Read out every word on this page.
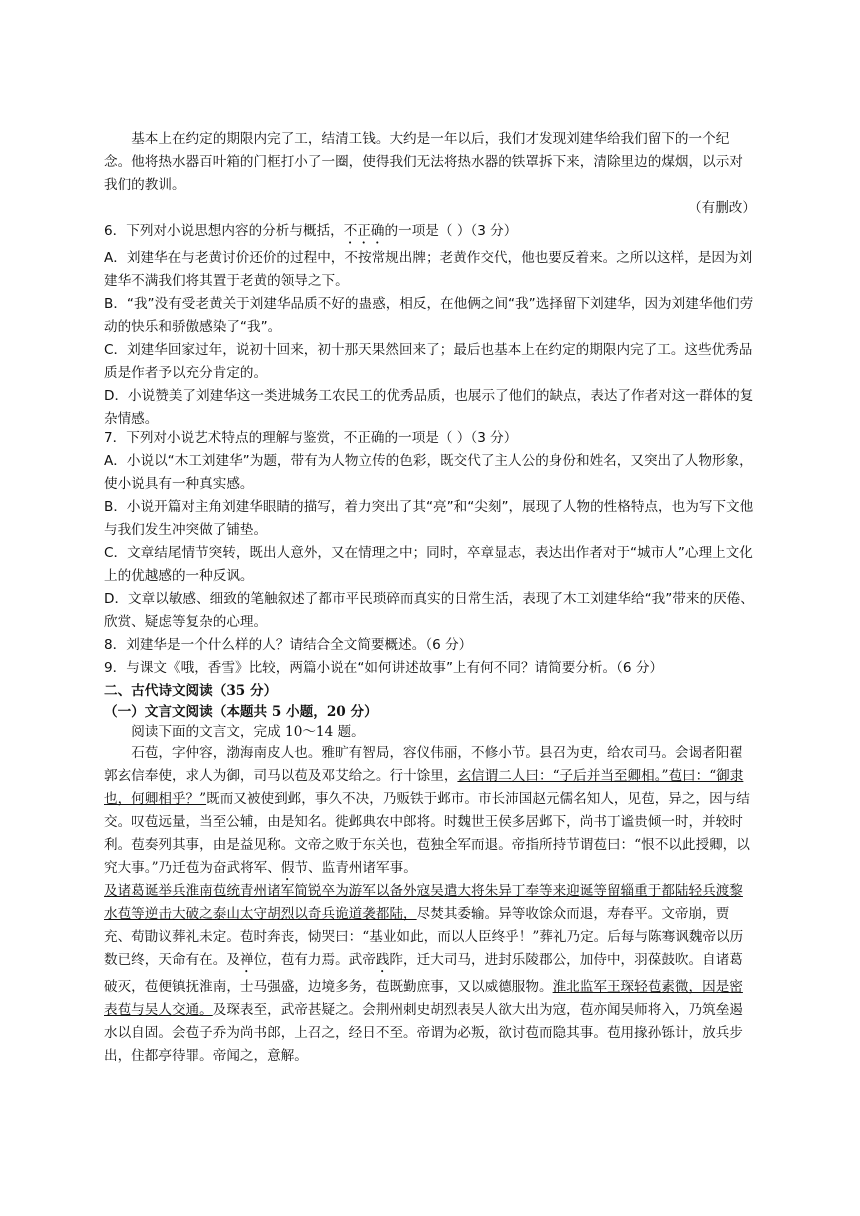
基本上在约定的期限内完了工，结清工钱。大约是一年以后，我们才发现刘建华给我们留下的一个纪念。他将热水器百叶箱的门框打小了一圈，使得我们无法将热水器的铁罩拆下来，清除里边的煤烟，以示对我们的教训。

（有删改）

6．下列对小说思想内容的分析与概括，不正确的一项是（ ）（3 分）
A．刘建华在与老黄讨价还价的过程中，不按常规出牌；老黄作交代，他也要反着来。之所以这样，是因为刘建华不满我们将其置于老黄的领导之下。
B．“我”没有受老黄关于刘建华品质不好的蛊惑，相反，在他俩之间“我”选择留下刘建华，因为刘建华他们劳动的快乐和骄傲感染了“我”。
C．刘建华回家过年，说初十回来，初十那天果然回来了；最后也基本上在约定的期限内完了工。这些优秀品质是作者予以充分肯定的。
D．小说赞美了刘建华这一类进城务工农民工的优秀品质，也展示了他们的缺点，表达了作者对这一群体的复杂情感。
7．下列对小说艺术特点的理解与鉴赏，不正确的一项是（ ）（3 分）
A．小说以“木工刘建华”为题，带有为人物立传的色彩，既交代了主人公的身份和姓名，又突出了人物形象，使小说具有一种真实感。
B．小说开篇对主角刘建华眼睛的描写，着力突出了其“亮”和“尖刻”，展现了人物的性格特点，也为写下文他与我们发生冲突做了铺垫。
C．文章结尾情节突转，既出人意外，又在情理之中；同时，卒章显志，表达出作者对于“城市人”心理上文化上的优越感的一种反讽。
D．文章以敏感、细致的笔触叙述了都市平民琐碎而真实的日常生活，表现了木工刘建华给“我”带来的厌倦、欣赏、疑虑等复杂的心理。
8．刘建华是一个什么样的人？请结合全文简要概述。（6 分）
9．与课文《哦，香雪》比较，两篇小说在“如何讲述故事”上有何不同？请简要分析。（6 分）
二、古代诗文阅读（35 分）
（一）文言文阅读（本题共 5 小题，20 分）
阅读下面的文言文，完成 10～14 题。

石苞，字仲容，渤海南皮人也。雅旷有智局，容仪伟丽，不修小节。县召为吏，给农司马。会谒者阳翟郭玄信奉使，求人为御，司马以苞及邓艾给之。行十馀里，玄信谓二人曰：“子后并当至卿相。”苞曰：“御隶也，何卿相乎？”既而又被使到邺，事久不决，乃贩铁于邺市。市长沛国赵元儒名知人，见苞，异之，因与结交。叹苞远量，当至公辅，由是知名。徙邺典农中郎将。时魏世王侯多居邺下，尚书丁谧贵倾一时，并较时利。苞奏列其事，由是益见称。文帝之败于东关也，苞独全军而退。帝指所持节谓苞曰：“恨不以此授卿，以究大事。”乃迁苞为奋武将军、假节、监青州诸军事。

及诸葛诞举兵淮南苞统青州诸军简锐卒为游军以备外寇吴遣大将朱异丁奉等来迎诞等留辎重于都陆轻兵渡黎水苞等逆击大破之泰山太守胡烈以奇兵诡道袭都陆，尽焚其委输。异等收馀众而退，寿春平。文帝崩，贾充、荀勖议葬礼未定。苞时奔丧，恸哭曰：“基业如此，而以人臣终乎！”葬礼乃定。后每与陈骞讽魏帝以历数已终，天命有在。及禅位，苞有力焉。武帝践阼，迁大司马，进封乐陵郡公，加侍中，羽葆鼓吹。自诸葛破灭，苞便镇抚淮南，士马强盛，边境多务，苞既勤庶事，又以威德服物。淮北监军王琛轻苞素微，因是密表苞与吴人交通。及琛表至，武帝甚疑之。会荆州刺史胡烈表吴人欲大出为寇，苞亦闻吴师将入，乃筑垒遏水以自固。会苞子乔为尚书郎，上召之，经日不至。帝谓为必叛，欲讨苞而隐其事。苞用掾孙铄计，放兵步出，住都亭待罪。帝闻之，意解。
